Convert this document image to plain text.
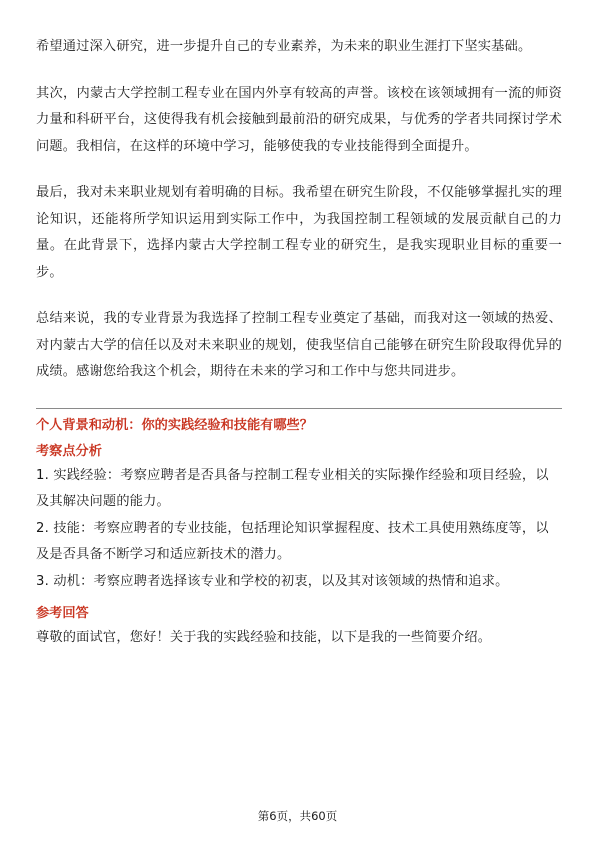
希望通过深入研究，进一步提升自己的专业素养，为未来的职业生涯打下坚实基础。

其次，内蒙古大学控制工程专业在国内外享有较高的声誉。该校在该领域拥有一流的师资力量和科研平台，这使得我有机会接触到最前沿的研究成果，与优秀的学者共同探讨学术问题。我相信，在这样的环境中学习，能够使我的专业技能得到全面提升。

最后，我对未来职业规划有着明确的目标。我希望在研究生阶段，不仅能够掌握扎实的理论知识，还能将所学知识运用到实际工作中，为我国控制工程领域的发展贡献自己的力量。在此背景下，选择内蒙古大学控制工程专业的研究生，是我实现职业目标的重要一步。

总结来说，我的专业背景为我选择了控制工程专业奠定了基础，而我对这一领域的热爱、对内蒙古大学的信任以及对未来职业的规划，使我坚信自己能够在研究生阶段取得优异的成绩。感谢您给我这个机会，期待在未来的学习和工作中与您共同进步。

个人背景和动机：你的实践经验和技能有哪些？

考察点分析

1. 实践经验：考察应聘者是否具备与控制工程专业相关的实际操作经验和项目经验，以及其解决问题的能力。

2. 技能：考察应聘者的专业技能，包括理论知识掌握程度、技术工具使用熟练度等，以及是否具备不断学习和适应新技术的潜力。

3. 动机：考察应聘者选择该专业和学校的初衷，以及其对该领域的热情和追求。

参考回答

尊敬的面试官，您好！关于我的实践经验和技能，以下是我的一些简要介绍。

第6页，共60页
